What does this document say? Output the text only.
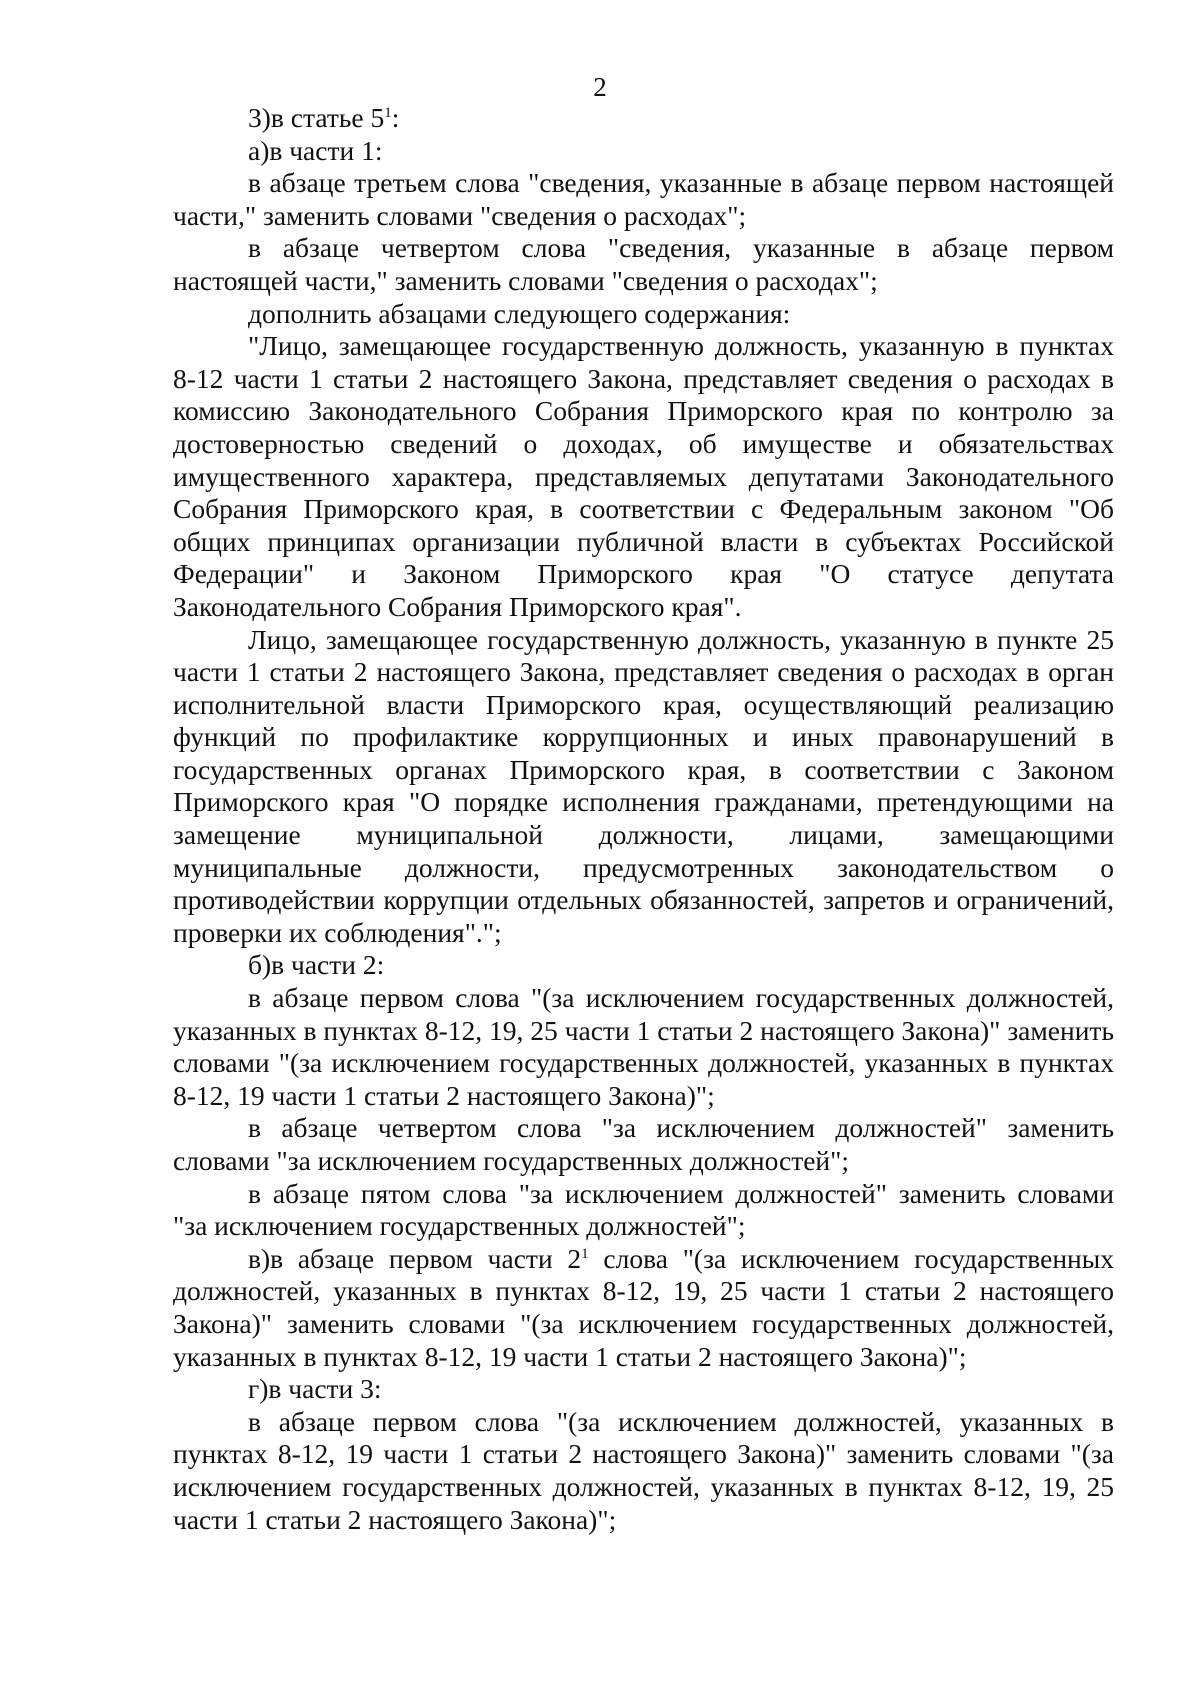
2

3)в статье $5^1$:

а)в части 1:

в абзаце третьем слова "сведения, указанные в абзаце первом настоящей части," заменить словами "сведения о расходах";

в абзаце четвертом слова "сведения, указанные в абзаце первом настоящей части," заменить словами "сведения о расходах";

дополнить абзацами следующего содержания:

"Лицо, замещающее государственную должность, указанную в пунктах 8-12 части 1 статьи 2 настоящего Закона, представляет сведения о расходах в комиссию Законодательного Собрания Приморского края по контролю за достоверностью сведений о доходах, об имуществе и обязательствах имущественного характера, представляемых депутатами Законодательного Собрания Приморского края, в соответствии с Федеральным законом "Об общих принципах организации публичной власти в субъектах Российской Федерации" и Законом Приморского края "О статусе депутата Законодательного Собрания Приморского края".

Лицо, замещающее государственную должность, указанную в пункте 25 части 1 статьи 2 настоящего Закона, представляет сведения о расходах в орган исполнительной власти Приморского края, осуществляющий реализацию функций по профилактике коррупционных и иных правонарушений в государственных органах Приморского края, в соответствии с Законом Приморского края "О порядке исполнения гражданами, претендующими на замещение муниципальной должности, лицами, замещающими муниципальные должности, предусмотренных законодательством о противодействии коррупции отдельных обязанностей, запретов и ограничений, проверки их соблюдения".";

б)в части 2:

в абзаце первом слова "(за исключением государственных должностей, указанных в пунктах 8-12, 19, 25 части 1 статьи 2 настоящего Закона)" заменить словами "(за исключением государственных должностей, указанных в пунктах 8-12, 19 части 1 статьи 2 настоящего Закона)";

в абзаце четвертом слова "за исключением должностей" заменить словами "за исключением государственных должностей";

в абзаце пятом слова "за исключением должностей" заменить словами "за исключением государственных должностей";

в)в абзаце первом части $2^1$ слова "(за исключением государственных должностей, указанных в пунктах 8-12, 19, 25 части 1 статьи 2 настоящего Закона)" заменить словами "(за исключением государственных должностей, указанных в пунктах 8-12, 19 части 1 статьи 2 настоящего Закона)";

г)в части 3:

в абзаце первом слова "(за исключением должностей, указанных в пунктах 8-12, 19 части 1 статьи 2 настоящего Закона)" заменить словами "(за исключением государственных должностей, указанных в пунктах 8-12, 19, 25 части 1 статьи 2 настоящего Закона)";
